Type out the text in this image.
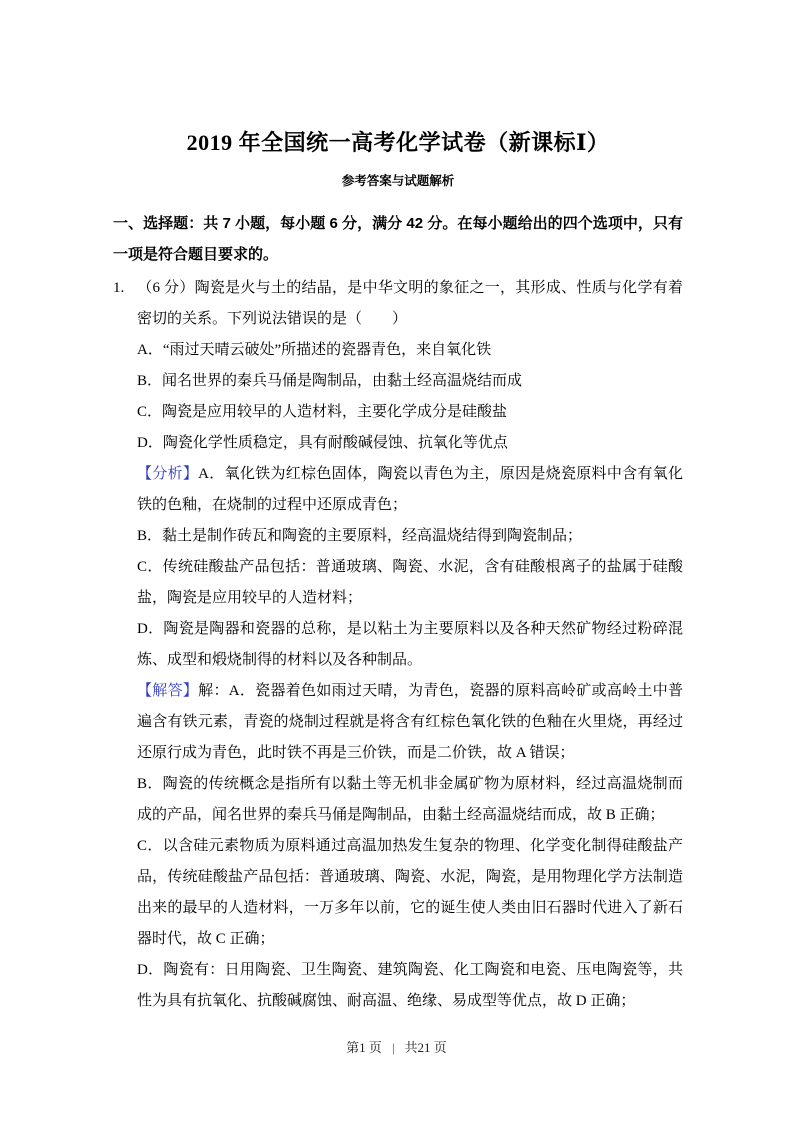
2019 年全国统一高考化学试卷（新课标Ⅰ）
参考答案与试题解析
一、选择题：共 7 小题，每小题 6 分，满分 42 分。在每小题给出的四个选项中，只有一项是符合题目要求的。
1. （6 分）陶瓷是火与土的结晶，是中华文明的象征之一，其形成、性质与化学有着密切的关系。下列说法错误的是（　　）
A．“雨过天晴云破处”所描述的瓷器青色，来自氧化铁
B．闻名世界的秦兵马俑是陶制品，由黏土经高温烧结而成
C．陶瓷是应用较早的人造材料，主要化学成分是硅酸盐
D．陶瓷化学性质稳定，具有耐酸碱侵蚀、抗氧化等优点
【分析】A．氧化铁为红棕色固体，陶瓷以青色为主，原因是烧瓷原料中含有氧化铁的色釉，在烧制的过程中还原成青色；
B．黏土是制作砖瓦和陶瓷的主要原料，经高温烧结得到陶瓷制品；
C．传统硅酸盐产品包括：普通玻璃、陶瓷、水泥，含有硅酸根离子的盐属于硅酸盐，陶瓷是应用较早的人造材料；
D．陶瓷是陶器和瓷器的总称，是以粘土为主要原料以及各种天然矿物经过粉碎混炼、成型和煅烧制得的材料以及各种制品。
【解答】解：A．瓷器着色如雨过天晴，为青色，瓷器的原料高岭矿或高岭土中普遍含有铁元素，青瓷的烧制过程就是将含有红棕色氧化铁的色釉在火里烧，再经过还原行成为青色，此时铁不再是三价铁，而是二价铁，故 A 错误；
B．陶瓷的传统概念是指所有以黏土等无机非金属矿物为原材料，经过高温烧制而成的产品，闻名世界的秦兵马俑是陶制品，由黏土经高温烧结而成，故 B 正确；
C．以含硅元素物质为原料通过高温加热发生复杂的物理、化学变化制得硅酸盐产品，传统硅酸盐产品包括：普通玻璃、陶瓷、水泥，陶瓷，是用物理化学方法制造出来的最早的人造材料，一万多年以前，它的诞生使人类由旧石器时代进入了新石器时代，故 C 正确；
D．陶瓷有：日用陶瓷、卫生陶瓷、建筑陶瓷、化工陶瓷和电瓷、压电陶瓷等，共性为具有抗氧化、抗酸碱腐蚀、耐高温、绝缘、易成型等优点，故 D 正确；
第1 页 | 共21 页
